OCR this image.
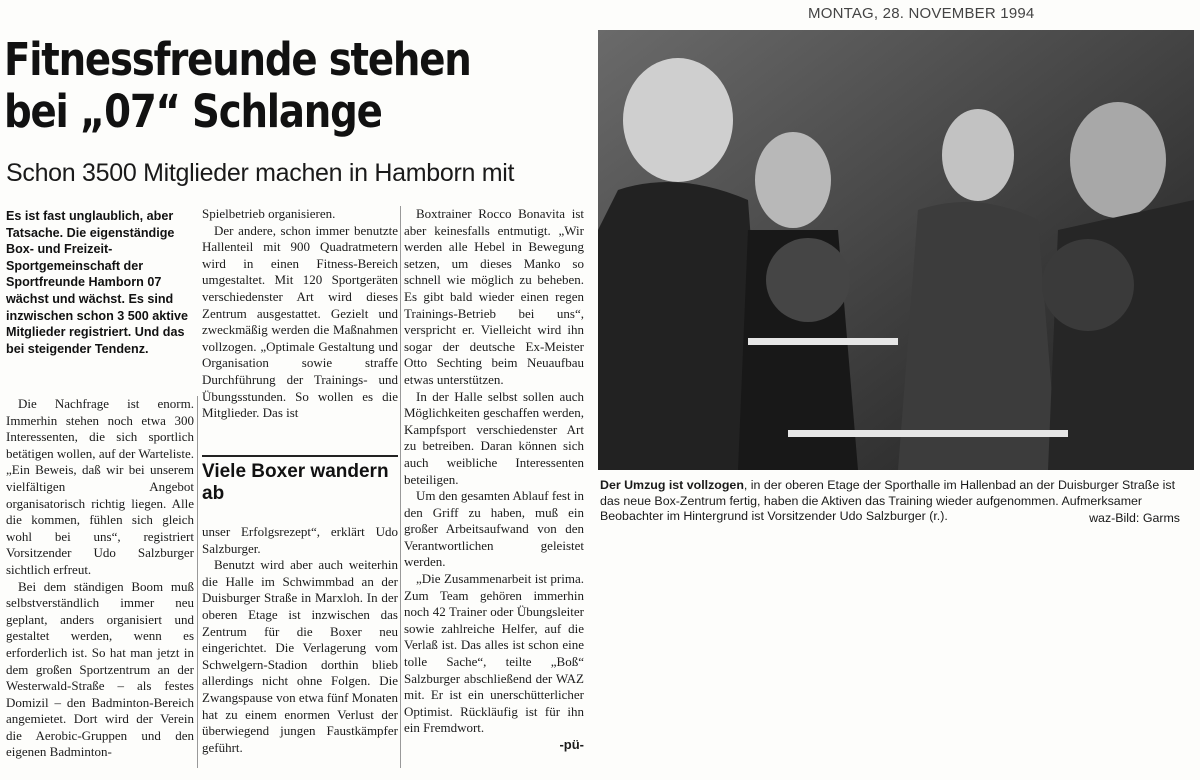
MONTAG, 28. NOVEMBER 1994
Fitnessfreunde stehen
bei „07“ Schlange
Schon 3500 Mitglieder machen in Hamborn mit
Es ist fast unglaublich, aber Tatsache. Die eigenständige Box- und Freizeit-Sportgemeinschaft der Sportfreunde Hamborn 07 wächst und wächst. Es sind inzwischen schon 3 500 aktive Mitglieder registriert. Und das bei steigender Tendenz.

Die Nachfrage ist enorm. Immerhin stehen noch etwa 300 Interessenten, die sich sportlich betätigen wollen, auf der Warteliste. „Ein Beweis, daß wir bei unserem vielfältigen Angebot organisatorisch richtig liegen. Alle die kommen, fühlen sich gleich wohl bei uns“, registriert Vorsitzender Udo Salzburger sichtlich erfreut.

Bei dem ständigen Boom muß selbstverständlich immer neu geplant, anders organisiert und gestaltet werden, wenn es erforderlich ist. So hat man jetzt in dem großen Sportzentrum an der Westerwald-Straße – als festes Domizil – den Badminton-Bereich angemietet. Dort wird der Verein die Aerobic-Gruppen und den eigenen Badminton-

Spielbetrieb organisieren.

Der andere, schon immer benutzte Hallenteil mit 900 Quadratmetern wird in einen Fitness-Bereich umgestaltet. Mit 120 Sportgeräten verschiedenster Art wird dieses Zentrum ausgestattet. Gezielt und zweckmäßig werden die Maßnahmen vollzogen. „Optimale Gestaltung und Organisation sowie straffe Durchführung der Trainings- und Übungsstunden. So wollen es die Mitglieder. Das ist

Viele Boxer wandern ab

unser Erfolgsrezept“, erklärt Udo Salzburger.

Benutzt wird aber auch weiterhin die Halle im Schwimmbad an der Duisburger Straße in Marxloh. In der oberen Etage ist inzwischen das Zentrum für die Boxer neu eingerichtet. Die Verlagerung vom Schwelgern-Stadion dorthin blieb allerdings nicht ohne Folgen. Die Zwangspause von etwa fünf Monaten hat zu einem enormen Verlust der überwiegend jungen Faustkämpfer geführt.

Boxtrainer Rocco Bonavita ist aber keinesfalls entmutigt. „Wir werden alle Hebel in Bewegung setzen, um dieses Manko so schnell wie möglich zu beheben. Es gibt bald wieder einen regen Trainings-Betrieb bei uns“, verspricht er. Vielleicht wird ihn sogar der deutsche Ex-Meister Otto Sechting beim Neuaufbau etwas unterstützen.

In der Halle selbst sollen auch Möglichkeiten geschaffen werden, Kampfsport verschiedenster Art zu betreiben. Daran können sich auch weibliche Interessenten beteiligen.

Um den gesamten Ablauf fest in den Griff zu haben, muß ein großer Arbeitsaufwand von den Verantwortlichen geleistet werden.

„Die Zusammenarbeit ist prima. Zum Team gehören immerhin noch 42 Trainer oder Übungsleiter sowie zahlreiche Helfer, auf die Verlaß ist. Das alles ist schon eine tolle Sache“, teilte „Boß“ Salzburger abschließend der WAZ mit. Er ist ein unerschütterlicher Optimist. Rückläufig ist für ihn ein Fremdwort.

-pü-
Der Umzug ist vollzogen, in der oberen Etage der Sporthalle im Hallenbad an der Duisburger Straße ist das neue Box-Zentrum fertig, haben die Aktiven das Training wieder aufgenommen. Aufmerksamer Beobachter im Hintergrund ist Vorsitzender Udo Salzburger (r.).	waz-Bild: Garms
